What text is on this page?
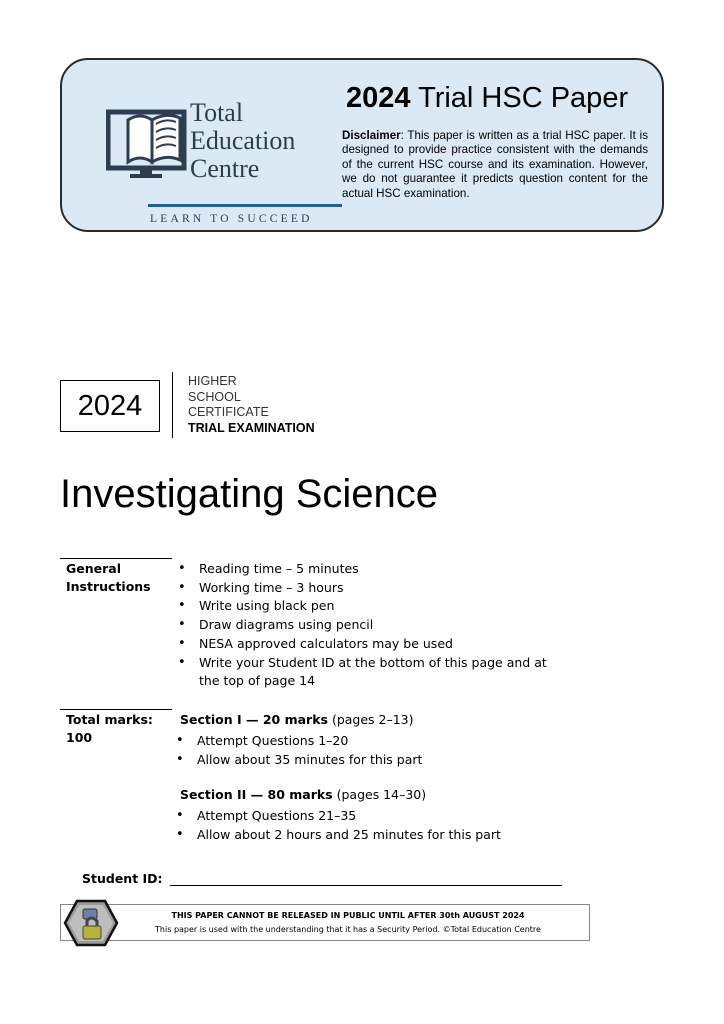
Total
Education
Centre
LEARN TO SUCCEED
2024 Trial HSC Paper
Disclaimer: This paper is written as a trial HSC paper. It is designed to provide practice consistent with the demands of the current HSC course and its examination. However, we do not guarantee it predicts question content for the actual HSC examination.
2024
HIGHER
SCHOOL
CERTIFICATE
TRIAL EXAMINATION
Investigating Science
General
Instructions
• Reading time – 5 minutes
• Working time – 3 hours
• Write using black pen
• Draw diagrams using pencil
• NESA approved calculators may be used
• Write your Student ID at the bottom of this page and at the top of page 14
Total marks:
100
Section I — 20 marks (pages 2–13)
• Attempt Questions 1–20
• Allow about 35 minutes for this part
Section II — 80 marks (pages 14–30)
• Attempt Questions 21–35
• Allow about 2 hours and 25 minutes for this part
Student ID:
THIS PAPER CANNOT BE RELEASED IN PUBLIC UNTIL AFTER 30th AUGUST 2024
This paper is used with the understanding that it has a Security Period. ©Total Education Centre
